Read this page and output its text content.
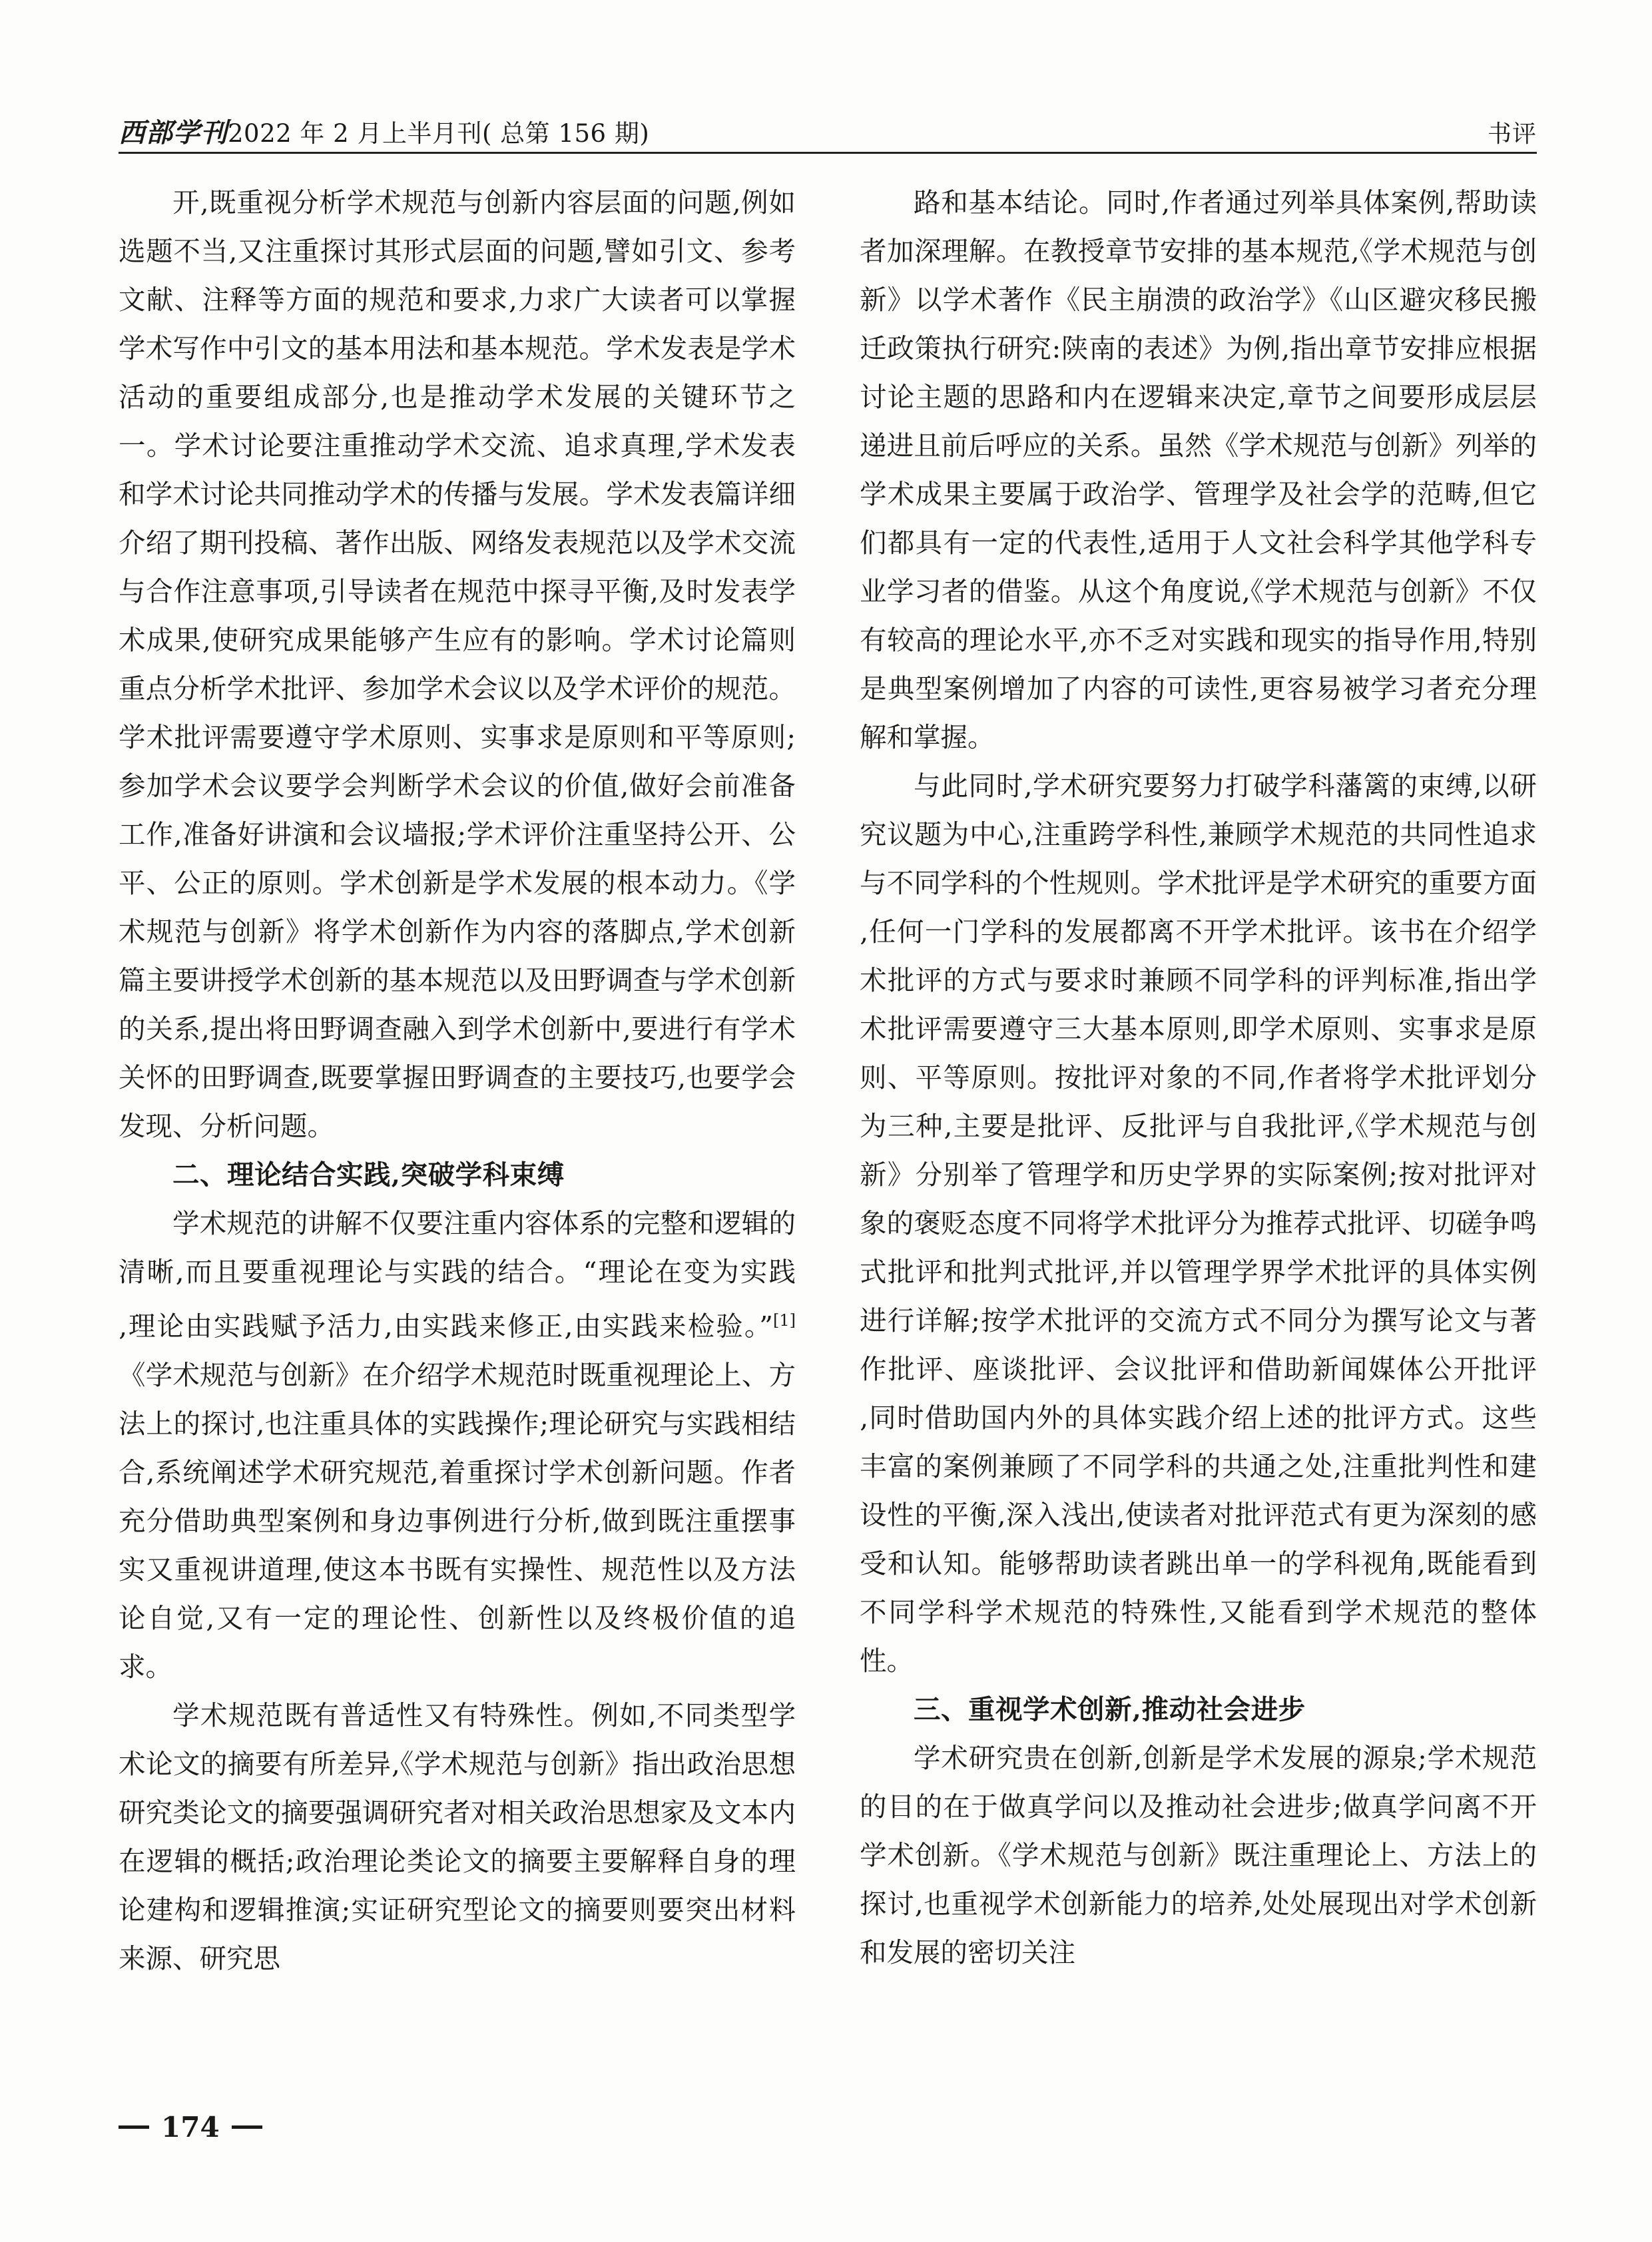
西部学刊2022 年 2 月上半月刊( 总第 156 期)	书评

开‚既重视分析学术规范与创新内容层面的问题‚例如选题不当‚又注重探讨其形式层面的问题‚譬如引文、参考文献、注释等方面的规范和要求‚力求广大读者可以掌握学术写作中引文的基本用法和基本规范。学术发表是学术活动的重要组成部分‚也是推动学术发展的关键环节之一。学术讨论要注重推动学术交流、追求真理‚学术发表和学术讨论共同推动学术的传播与发展。学术发表篇详细介绍了期刊投稿、著作出版、网络发表规范以及学术交流与合作注意事项‚引导读者在规范中探寻平衡‚及时发表学术成果‚使研究成果能够产生应有的影响。学术讨论篇则重点分析学术批评、参加学术会议以及学术评价的规范。学术批评需要遵守学术原则、实事求是原则和平等原则;参加学术会议要学会判断学术会议的价值‚做好会前准备工作‚准备好讲演和会议墙报;学术评价注重坚持公开、公平、公正的原则。学术创新是学术发展的根本动力。《学术规范与创新》将学术创新作为内容的落脚点‚学术创新篇主要讲授学术创新的基本规范以及田野调查与学术创新的关系‚提出将田野调查融入到学术创新中‚要进行有学术关怀的田野调查‚既要掌握田野调查的主要技巧‚也要学会发现、分析问题。

二、理论结合实践‚突破学科束缚

学术规范的讲解不仅要注重内容体系的完整和逻辑的清晰‚而且要重视理论与实践的结合。“理论在变为实践‚理论由实践赋予活力‚由实践来修正‚由实践来检验。”[1]《学术规范与创新》在介绍学术规范时既重视理论上、方法上的探讨‚也注重具体的实践操作;理论研究与实践相结合‚系统阐述学术研究规范‚着重探讨学术创新问题。作者充分借助典型案例和身边事例进行分析‚做到既注重摆事实又重视讲道理‚使这本书既有实操性、规范性以及方法论自觉‚又有一定的理论性、创新性以及终极价值的追求。

学术规范既有普适性又有特殊性。例如‚不同类型学术论文的摘要有所差异‚《学术规范与创新》指出政治思想研究类论文的摘要强调研究者对相关政治思想家及文本内在逻辑的概括;政治理论类论文的摘要主要解释自身的理论建构和逻辑推演;实证研究型论文的摘要则要突出材料来源、研究思

路和基本结论。同时‚作者通过列举具体案例‚帮助读者加深理解。在教授章节安排的基本规范‚《学术规范与创新》以学术著作《民主崩溃的政治学》《山区避灾移民搬迁政策执行研究:陕南的表述》为例‚指出章节安排应根据讨论主题的思路和内在逻辑来决定‚章节之间要形成层层递进且前后呼应的关系。虽然《学术规范与创新》列举的学术成果主要属于政治学、管理学及社会学的范畴‚但它们都具有一定的代表性‚适用于人文社会科学其他学科专业学习者的借鉴。从这个角度说‚《学术规范与创新》不仅有较高的理论水平‚亦不乏对实践和现实的指导作用‚特别是典型案例增加了内容的可读性‚更容易被学习者充分理解和掌握。

与此同时‚学术研究要努力打破学科藩篱的束缚‚以研究议题为中心‚注重跨学科性‚兼顾学术规范的共同性追求与不同学科的个性规则。学术批评是学术研究的重要方面‚任何一门学科的发展都离不开学术批评。该书在介绍学术批评的方式与要求时兼顾不同学科的评判标准‚指出学术批评需要遵守三大基本原则‚即学术原则、实事求是原则、平等原则。按批评对象的不同‚作者将学术批评划分为三种‚主要是批评、反批评与自我批评‚《学术规范与创新》分别举了管理学和历史学界的实际案例;按对批评对象的褒贬态度不同将学术批评分为推荐式批评、切磋争鸣式批评和批判式批评‚并以管理学界学术批评的具体实例进行详解;按学术批评的交流方式不同分为撰写论文与著作批评、座谈批评、会议批评和借助新闻媒体公开批评‚同时借助国内外的具体实践介绍上述的批评方式。这些丰富的案例兼顾了不同学科的共通之处‚注重批判性和建设性的平衡‚深入浅出‚使读者对批评范式有更为深刻的感受和认知。能够帮助读者跳出单一的学科视角‚既能看到不同学科学术规范的特殊性‚又能看到学术规范的整体性。

三、重视学术创新‚推动社会进步

学术研究贵在创新‚创新是学术发展的源泉;学术规范的目的在于做真学问以及推动社会进步;做真学问离不开学术创新。《学术规范与创新》既注重理论上、方法上的探讨‚也重视学术创新能力的培养‚处处展现出对学术创新和发展的密切关注

174
